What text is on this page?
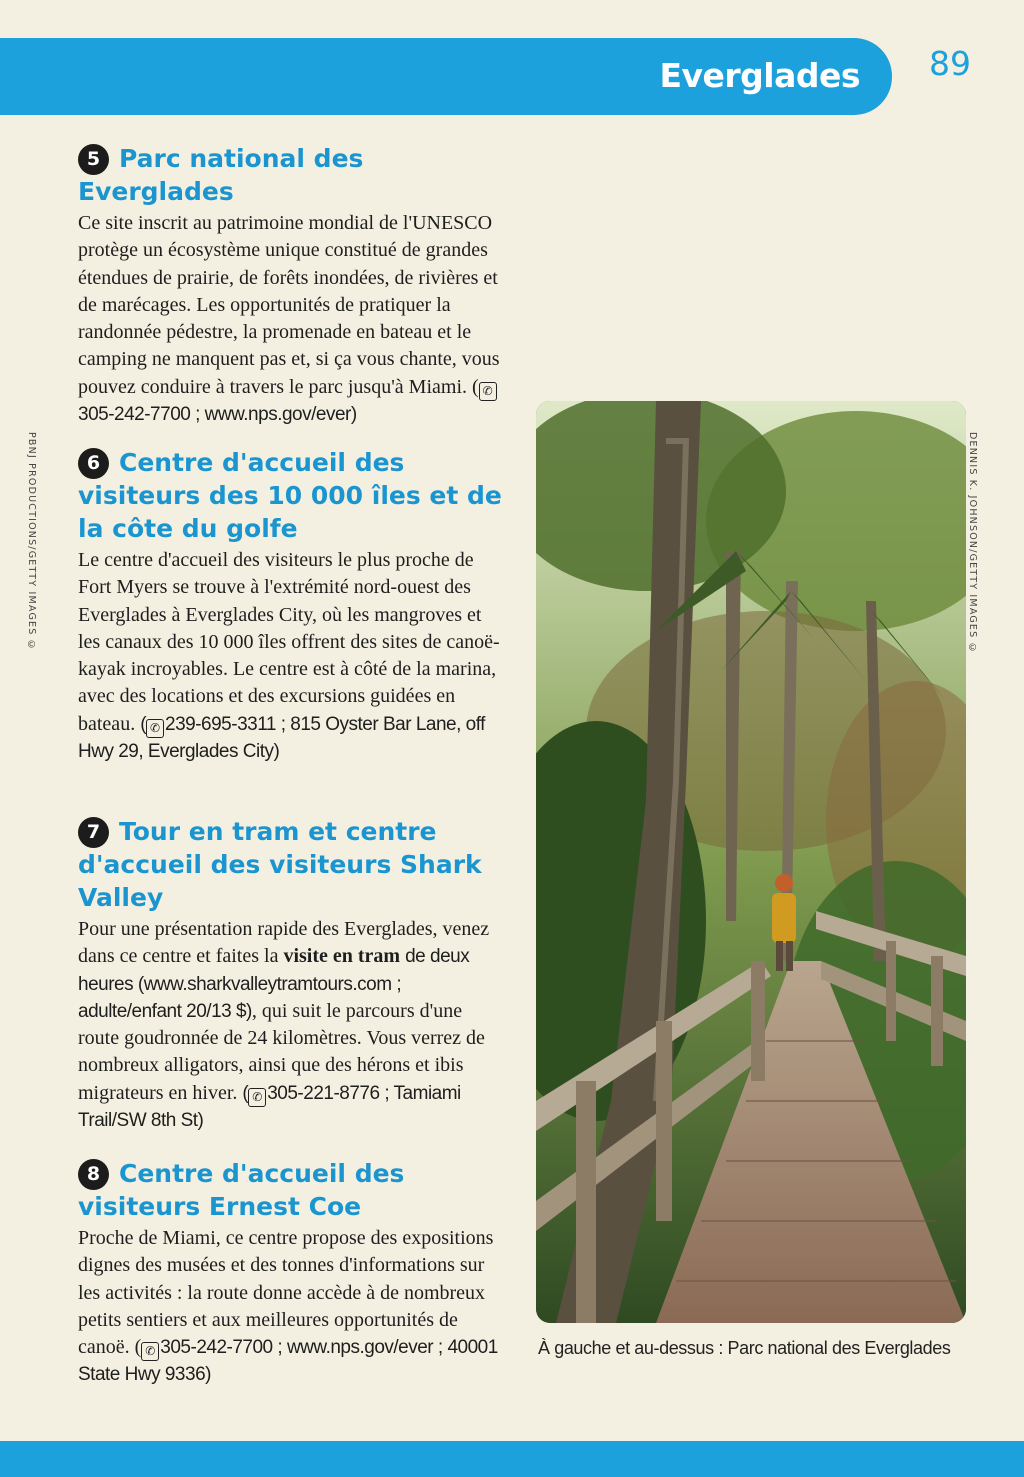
Everglades 89
PBNJ PRODUCTIONS/GETTY IMAGES ©	DENNIS K. JOHNSON/GETTY IMAGES ©
5 Parc national des Everglades

Ce site inscrit au patrimoine mondial de l'UNESCO protège un écosystème unique constitué de grandes étendues de prairie, de forêts inondées, de rivières et de marécages. Les opportunités de pratiquer la randonnée pédestre, la promenade en bateau et le camping ne manquent pas et, si ça vous chante, vous pouvez conduire à travers le parc jusqu'à Miami. ( ✆305-242-7700 ; www.nps.gov/ever)

6 Centre d'accueil des visiteurs des 10 000 îles et de la côte du golfe

Le centre d'accueil des visiteurs le plus proche de Fort Myers se trouve à l'extrémité nord-ouest des Everglades à Everglades City, où les mangroves et les canaux des 10 000 îles offrent des sites de canoë-kayak incroyables. Le centre est à côté de la marina, avec des locations et des excursions guidées en bateau. ( ✆ 239-695-3311 ; 815 Oyster Bar Lane, off Hwy 29, Everglades City)

7 Tour en tram et centre d'accueil des visiteurs Shark Valley

Pour une présentation rapide des Everglades, venez dans ce centre et faites la visite en tram de deux heures (www.sharkvalleytramtours.com ; adulte/enfant 20/13 $), qui suit le parcours d'une route goudronnée de 24 kilomètres. Vous verrez de nombreux alligators, ainsi que des hérons et ibis migrateurs en hiver. ( ✆ 305-221-8776 ; Tamiami Trail/SW 8th St)

8 Centre d'accueil des visiteurs Ernest Coe

Proche de Miami, ce centre propose des expositions dignes des musées et des tonnes d'informations sur les activités : la route donne accède à de nombreux petits sentiers et aux meilleures opportunités de canoë. ( ✆ 305-242-7700 ; www.nps.gov/ever ; 40001 State Hwy 9336)

À gauche et au-dessus : Parc national des Everglades
